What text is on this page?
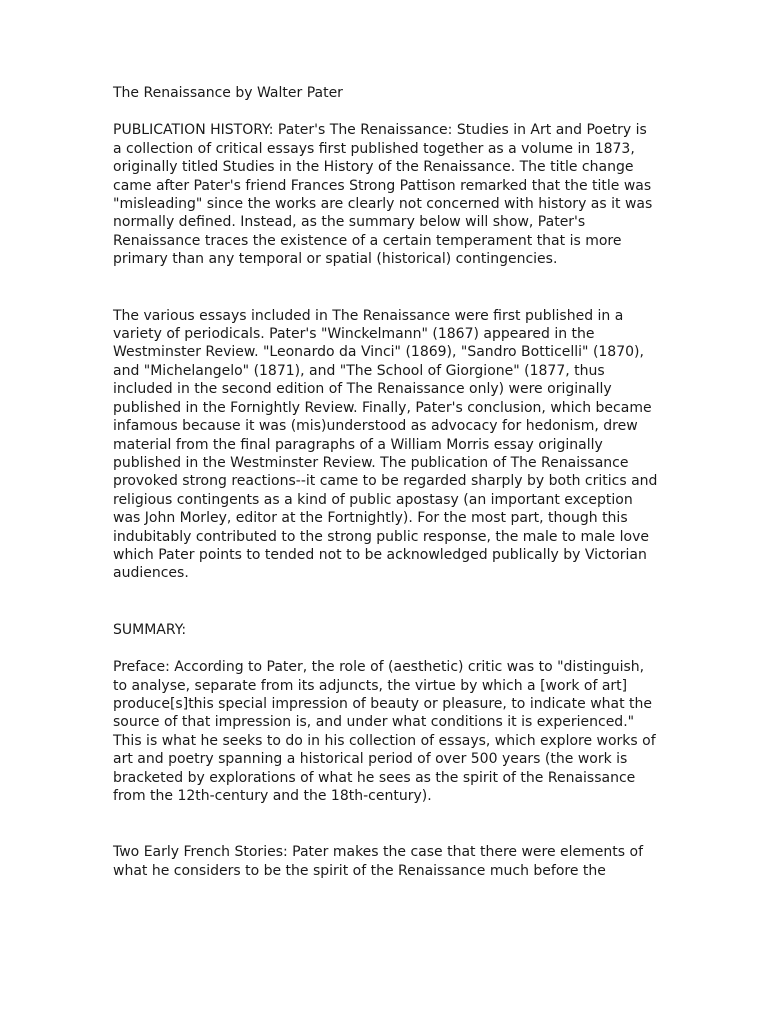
The Renaissance by Walter Pater

PUBLICATION HISTORY: Pater's The Renaissance: Studies in Art and Poetry is a collection of critical essays first published together as a volume in 1873, originally titled Studies in the History of the Renaissance. The title change came after Pater's friend Frances Strong Pattison remarked that the title was "misleading" since the works are clearly not concerned with history as it was normally defined. Instead, as the summary below will show, Pater's Renaissance traces the existence of a certain temperament that is more primary than any temporal or spatial (historical) contingencies.

The various essays included in The Renaissance were first published in a variety of periodicals. Pater's "Winckelmann" (1867) appeared in the Westminster Review. "Leonardo da Vinci" (1869), "Sandro Botticelli" (1870), and "Michelangelo" (1871), and "The School of Giorgione" (1877, thus included in the second edition of The Renaissance only) were originally published in the Fornightly Review. Finally, Pater's conclusion, which became infamous because it was (mis)understood as advocacy for hedonism, drew material from the final paragraphs of a William Morris essay originally published in the Westminster Review. The publication of The Renaissance provoked strong reactions--it came to be regarded sharply by both critics and religious contingents as a kind of public apostasy (an important exception was John Morley, editor at the Fortnightly). For the most part, though this indubitably contributed to the strong public response, the male to male love which Pater points to tended not to be acknowledged publically by Victorian audiences.

SUMMARY:

Preface: According to Pater, the role of (aesthetic) critic was to "distinguish, to analyse, separate from its adjuncts, the virtue by which a [work of art] produce[s]this special impression of beauty or pleasure, to indicate what the source of that impression is, and under what conditions it is experienced." This is what he seeks to do in his collection of essays, which explore works of art and poetry spanning a historical period of over 500 years (the work is bracketed by explorations of what he sees as the spirit of the Renaissance from the 12th-century and the 18th-century).

Two Early French Stories: Pater makes the case that there were elements of what he considers to be the spirit of the Renaissance much before the
